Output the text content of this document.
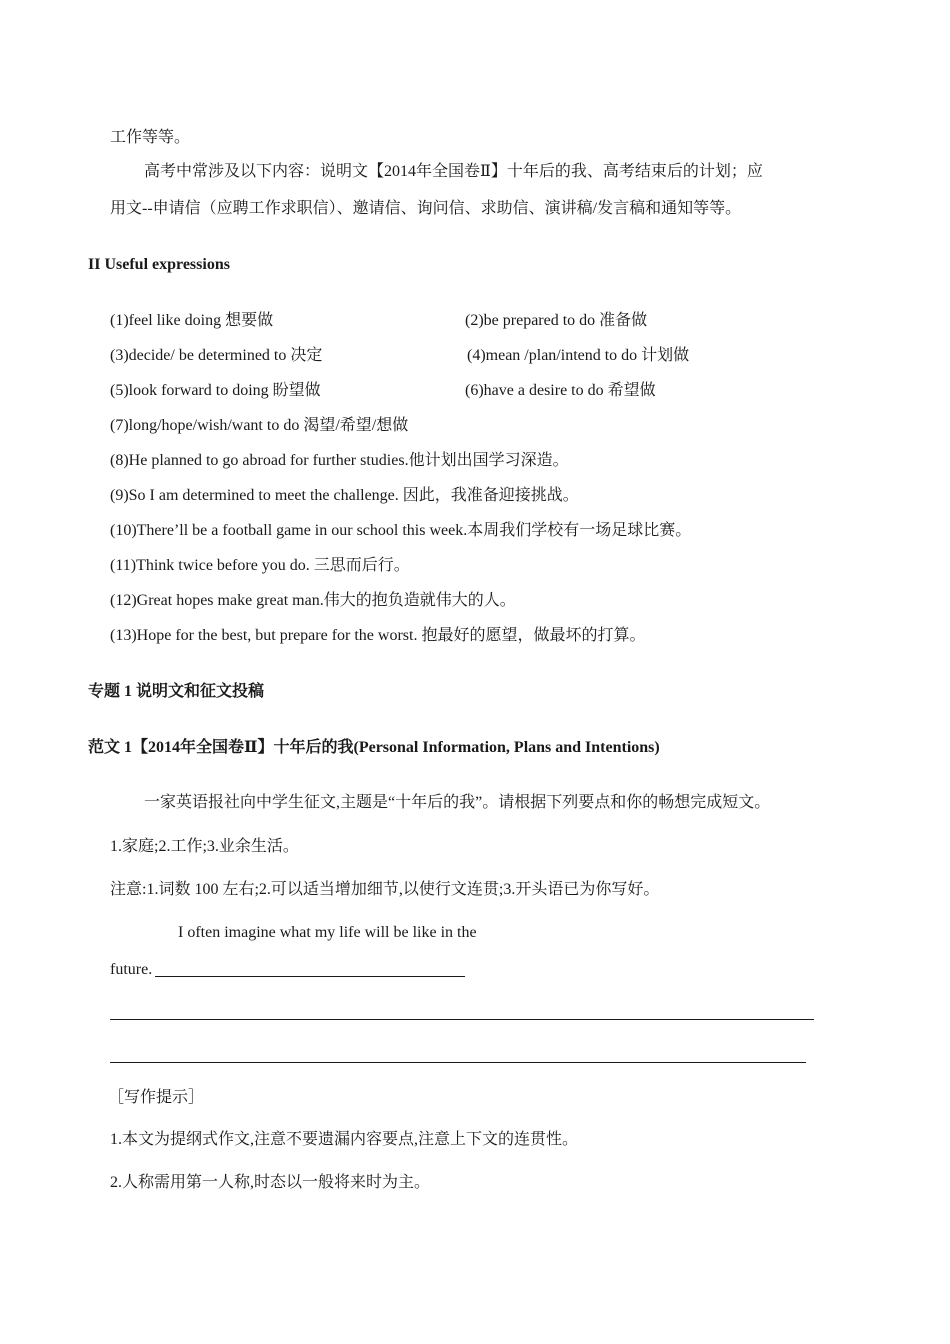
工作等等。
高考中常涉及以下内容：说明文【2014年全国卷Ⅱ】十年后的我、高考结束后的计划；应
用文--申请信（应聘工作求职信）、邀请信、询问信、求助信、演讲稿/发言稿和通知等等。
II Useful expressions
(1)feel like doing 想要做	(2)be prepared to do 准备做
(3)decide/ be determined to 决定	(4)mean /plan/intend to do 计划做
(5)look forward to doing 盼望做	(6)have a desire to do 希望做
(7)long/hope/wish/want to do 渴望/希望/想做
(8)He planned to go abroad for further studies.他计划出国学习深造。
(9)So I am determined to meet the challenge. 因此，我准备迎接挑战。
(10)There’ll be a football game in our school this week.本周我们学校有一场足球比赛。
(11)Think twice before you do. 三思而后行。
(12)Great hopes make great man.伟大的抱负造就伟大的人。
(13)Hope for the best, but prepare for the worst. 抱最好的愿望，做最坏的打算。
专题 1 说明文和征文投稿
范文 1【2014年全国卷Ⅱ】十年后的我(Personal Information, Plans and Intentions)
一家英语报社向中学生征文,主题是“十年后的我”。请根据下列要点和你的畅想完成短文。
1.家庭;2.工作;3.业余生活。
注意:1.词数 100 左右;2.可以适当增加细节,以使行文连贯;3.开头语已为你写好。
I often imagine what my life will be like in the
future.
［写作提示］
1.本文为提纲式作文,注意不要遗漏内容要点,注意上下文的连贯性。
2.人称需用第一人称,时态以一般将来时为主。
